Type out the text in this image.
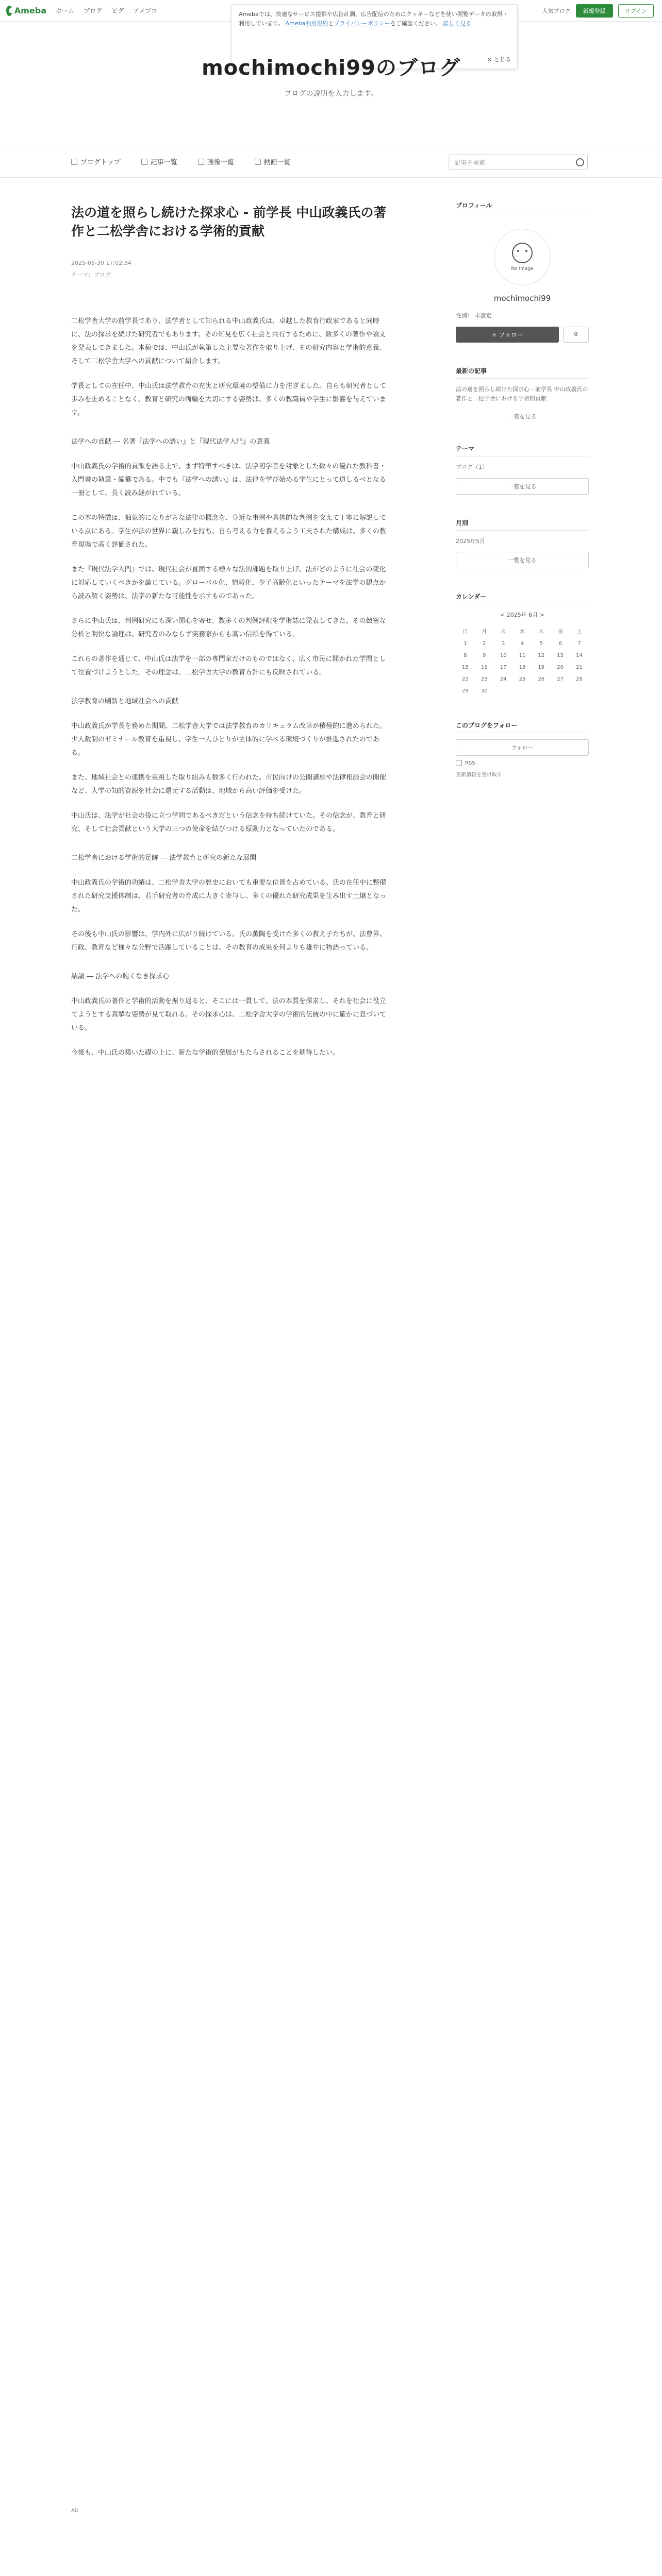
Ameba ホーム ブログ ピグ アメブロ	人気ブログ	新規登録	ログイン
Amebaでは、快適なサービス提供や広告計測、広告配信のためにクッキーなどを使い閲覧データの取得・利用しています。 Ameba利用規約とプライバシーポリシーをご確認ください。 詳しく見る
× とじる
mochimochi99のブログ
ブログの説明を入力します。
ブログトップ	記事一覧	画像一覧	動画一覧	記事を検索
法の道を照らし続けた探求心 - 前学長 中山政義氏の著作と二松学舎における学術的貢献
2025-05-30 17:02:34
テーマ：ブログ

二松学舎大学の前学長であり、法学者として知られる中山政義氏は、卓越した教育行政家であると同時に、法の探求を続けた研究者でもあります。その知見を広く社会と共有するために、数多くの著作や論文を発表してきました。本稿では、中山氏が執筆した主要な著作を取り上げ、その研究内容と学術的意義、そして二松学舎大学への貢献について紹介します。

学長としての在任中、中山氏は法学教育の充実と研究環境の整備に力を注ぎました。自らも研究者として歩みを止めることなく、教育と研究の両輪を大切にする姿勢は、多くの教職員や学生に影響を与えています。

法学への貢献 ― 名著『法学への誘い』と『現代法学入門』の意義

中山政義氏の学術的貢献を語る上で、まず特筆すべきは、法学初学者を対象とした数々の優れた教科書・入門書の執筆・編纂である。中でも『法学への誘い』は、法律を学び始める学生にとって道しるべとなる一冊として、長く読み継がれている。

この本の特徴は、抽象的になりがちな法律の概念を、身近な事例や具体的な判例を交えて丁寧に解説している点にある。学生が法の世界に親しみを持ち、自ら考える力を養えるよう工夫された構成は、多くの教育現場で高く評価された。

また『現代法学入門』では、現代社会が直面する様々な法的課題を取り上げ、法がどのように社会の変化に対応していくべきかを論じている。グローバル化、情報化、少子高齢化といったテーマを法学の観点から読み解く姿勢は、法学の新たな可能性を示すものであった。

さらに中山氏は、判例研究にも深い関心を寄せ、数多くの判例評釈を学術誌に発表してきた。その緻密な分析と明快な論理は、研究者のみならず実務家からも高い信頼を得ている。

これらの著作を通じて、中山氏は法学を一部の専門家だけのものではなく、広く市民に開かれた学問として位置づけようとした。その理念は、二松学舎大学の教育方針にも反映されている。

法学教育の刷新と地域社会への貢献

中山政義氏が学長を務めた期間、二松学舎大学では法学教育のカリキュラム改革が積極的に進められた。少人数制のゼミナール教育を重視し、学生一人ひとりが主体的に学べる環境づくりが推進されたのである。

また、地域社会との連携を重視した取り組みも数多く行われた。市民向けの公開講座や法律相談会の開催など、大学の知的資源を社会に還元する活動は、地域から高い評価を受けた。

中山氏は、法学が社会の役に立つ学問であるべきだという信念を持ち続けていた。その信念が、教育と研究、そして社会貢献という大学の三つの使命を結びつける原動力となっていたのである。

二松学舎における学術的足跡 ― 法学教育と研究の新たな展開

中山政義氏の学術的功績は、二松学舎大学の歴史においても重要な位置を占めている。氏の在任中に整備された研究支援体制は、若手研究者の育成に大きく寄与し、多くの優れた研究成果を生み出す土壌となった。

その後も中山氏の影響は、学内外に広がり続けている。氏の薫陶を受けた多くの教え子たちが、法曹界、行政、教育など様々な分野で活躍していることは、その教育の成果を何よりも雄弁に物語っている。

結論 ― 法学への飽くなき探求心

中山政義氏の著作と学術的活動を振り返ると、そこには一貫して、法の本質を探求し、それを社会に役立てようとする真摯な姿勢が見て取れる。その探求心は、二松学舎大学の学術的伝統の中に確かに息づいている。

今後も、中山氏の築いた礎の上に、新たな学術的発展がもたらされることを期待したい。

プロフィール
No Image
mochimochi99
性別： 未設定
+ フォロー	0
最新の記事
法の道を照らし続けた探求心 - 前学長 中山政義氏の著作と二松学舎における学術的貢献
一覧を見る
テーマ
ブログ（1）
一覧を見る
月別
2025年5月
一覧を見る
カレンダー
< 2025年 6月 >
日	月	火	水	木	金	土
1	2	3	4	5	6	7
8	9	10	11	12	13	14
15	16	17	18	19	20	21
22	23	24	25	26	27	28
29	30					
このブログをフォロー
フォロー
RSS
更新情報を受け取る
AD
